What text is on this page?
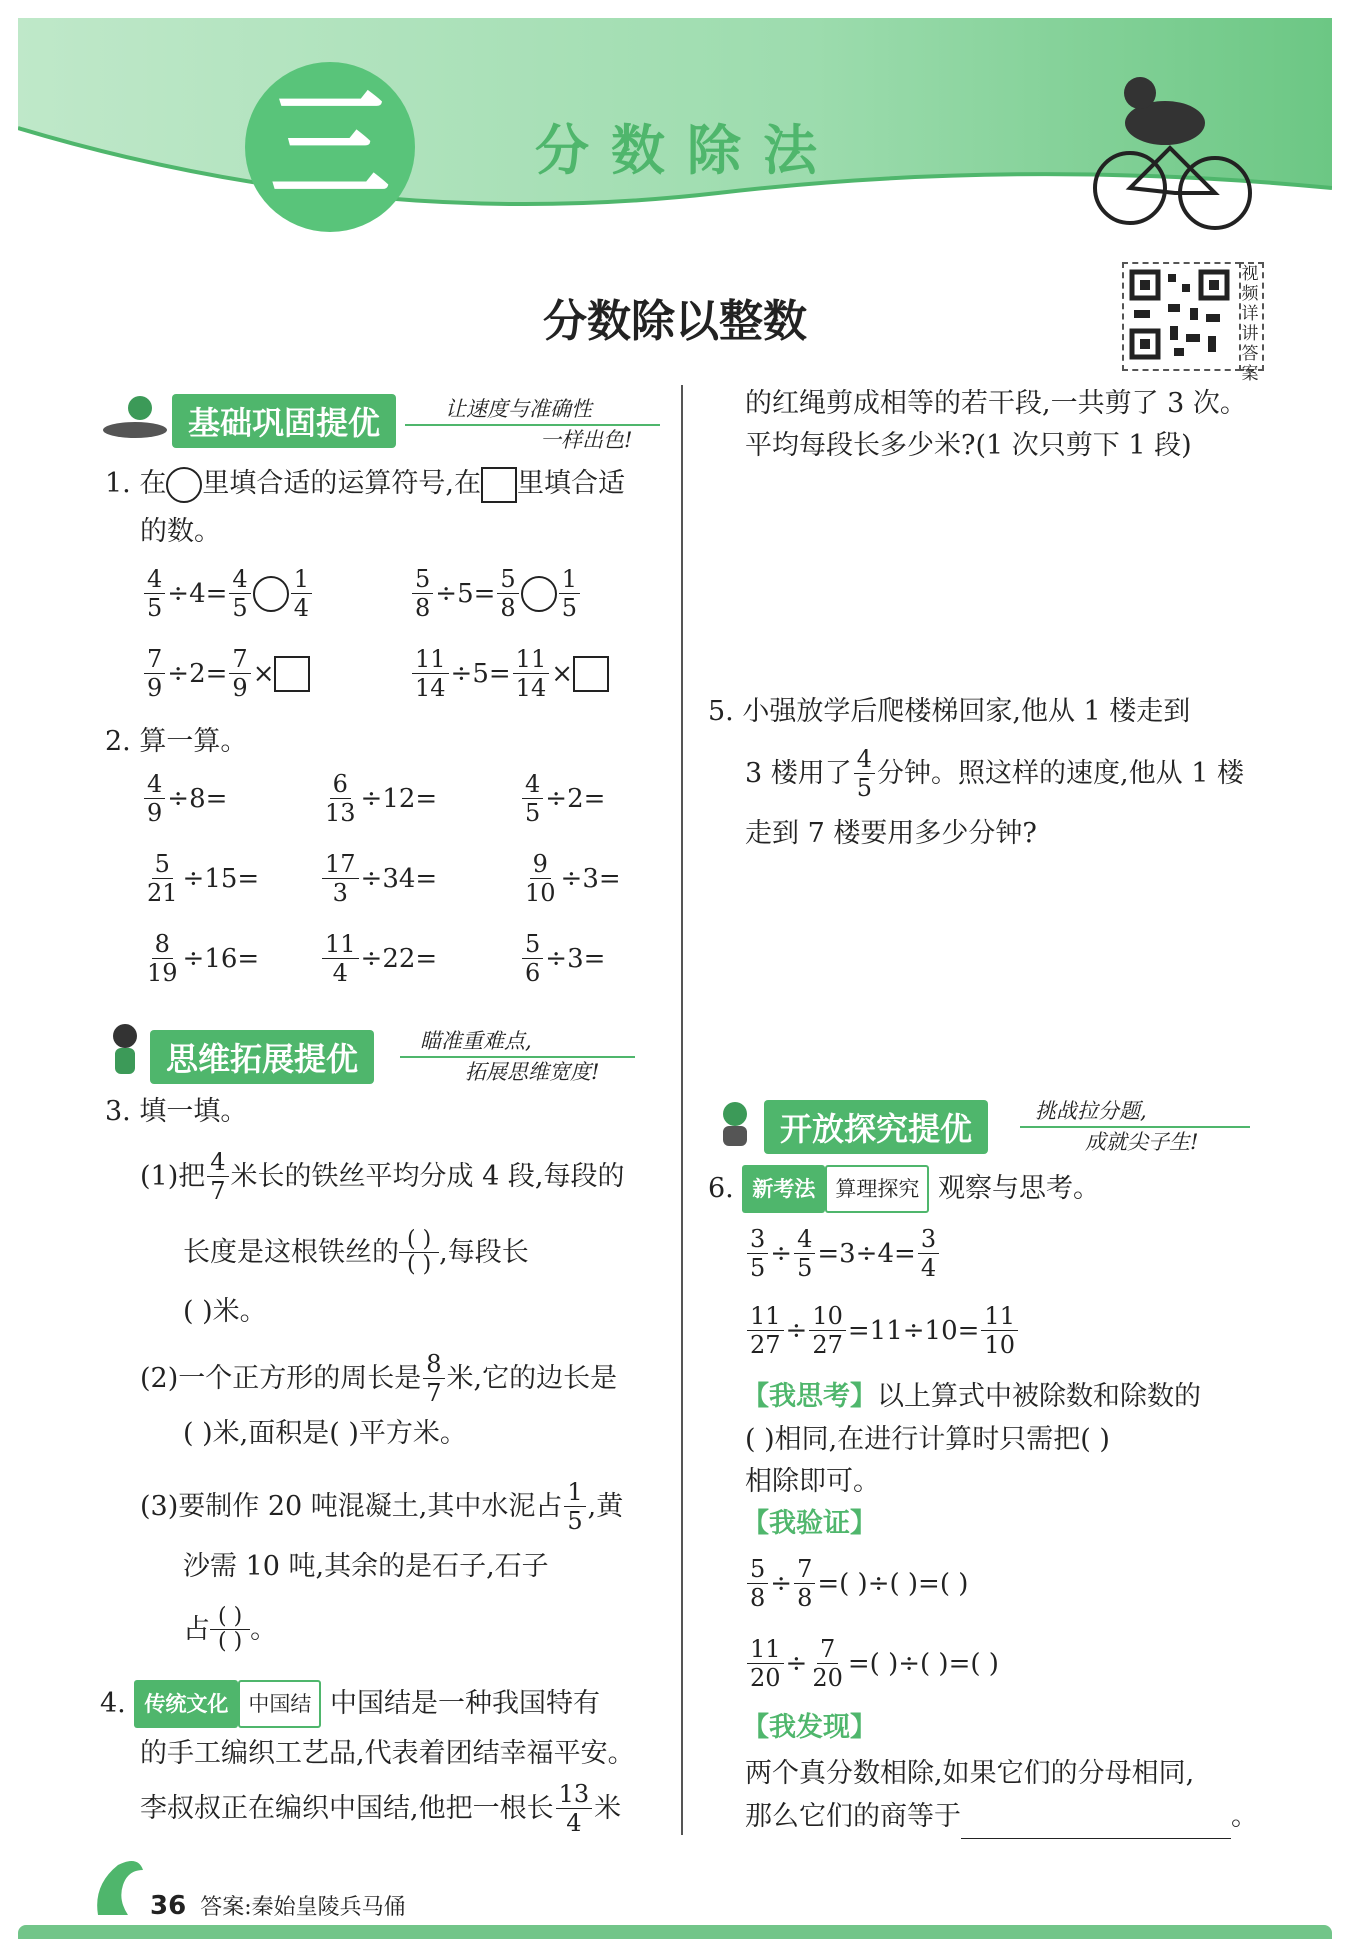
三	分数除法
分数除以整数
视频详讲答案
基础巩固提优	让速度与准确性
一样出色!
1. 在 里填合适的运算符号,在 里填合适
的数。
$\frac{4}{5} \div 4= \frac{4}{5} \frac{1}{4}$	$\frac{5}{8} \div 5= \frac{5}{8} \frac{1}{5}$
$\frac{7}{9} \div 2= \frac{7}{9}$ ×	$\frac{11}{14} \div 5= \frac{11}{14}$ ×
2. 算一算。
$\frac{4}{9} \div 8=$	$\frac{6}{13} \div 12=$	$\frac{4}{5} \div 2=$
$\frac{5}{21} \div 15=$	$\frac{17}{3} \div 34=$	$\frac{9}{10} \div 3=$
$\frac{8}{19} \div 16=$	$\frac{11}{4} \div 22=$	$\frac{5}{6} \div 3=$
思维拓展提优	瞄准重难点,
拓展思维宽度!
3. 填一填。
(1)把 $\frac{4}{7}$ 米长的铁丝平均分成 4 段,每段的
长度是这根铁丝的 ( )
( ) ,每段长
( )米。
(2)一个正方形的周长是 $\frac{8}{7}$ 米,它的边长是
( )米,面积是( )平方米。
(3)要制作 20 吨混凝土,其中水泥占 $\frac{1}{5}$ ,黄
沙需 10 吨,其余的是石子,石子
占 ( )
( ) 。
4.
传统文化 中国结
中国结是一种我国特有
的手工编织工艺品,代表着团结幸福平安。
李叔叔正在编织中国结,他把一根长 $\frac{13}{4}$ 米
的红绳剪成相等的若干段,一共剪了 3 次。
平均每段长多少米?(1 次只剪下 1 段)
5. 小强放学后爬楼梯回家,他从 1 楼走到
3 楼用了 $\frac{4}{5}$ 分钟。照这样的速度,他从 1 楼
走到 7 楼要用多少分钟?
开放探究提优	挑战拉分题,
成就尖子生!
6.
新考法 算理探究
观察与思考。
$\frac{3}{5} \div \frac{4}{5} =3\div 4= \frac{3}{4}$
$\frac{11}{27} \div \frac{10}{27} =11\div 10= \frac{11}{10}$
【我思考】以上算式中被除数和除数的
( )相同,在进行计算时只需把( )
相除即可。
【我验证】
$\frac{5}{8} \div \frac{7}{8}$ =( )÷( )=( )
$\frac{11}{20} \div \frac{7}{20}$ =( )÷( )=( )
【我发现】
两个真分数相除,如果它们的分母相同,
那么它们的商等于	。
36 答案:秦始皇陵兵马俑
